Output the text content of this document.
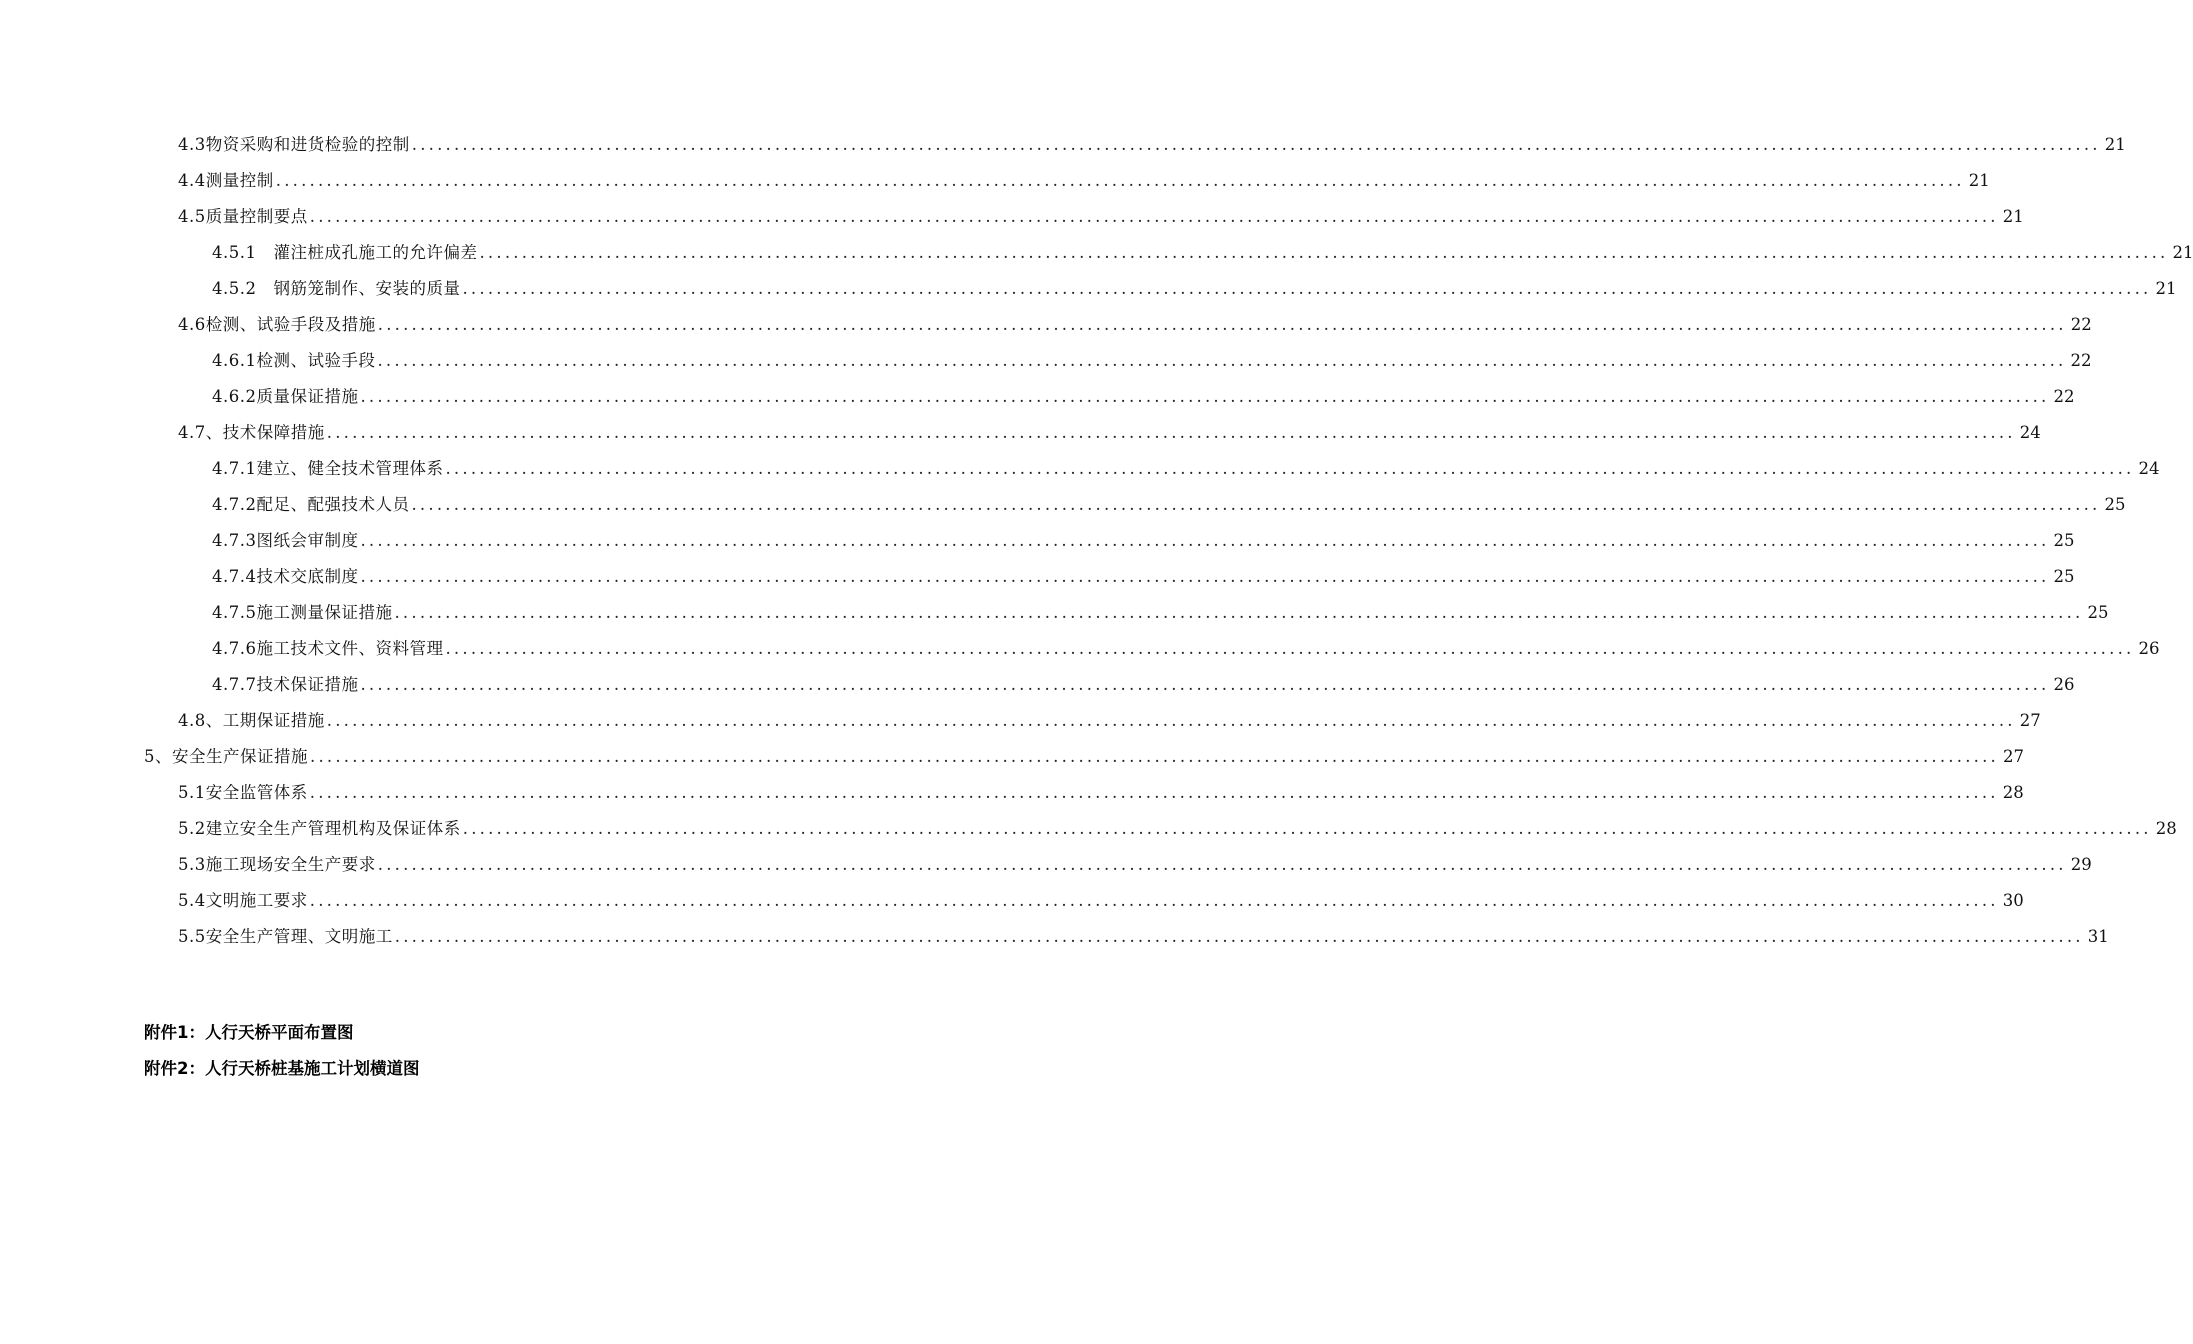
4.3物资采购和进货检验的控制 ........................................................................................................................................................................................................ 21
4.4测量控制 ........................................................................................................................................................................................................ 21
4.5质量控制要点 ........................................................................................................................................................................................................ 21
4.5.1　灌注桩成孔施工的允许偏差 ........................................................................................................................................................................................................ 21
4.5.2　钢筋笼制作、安装的质量 ........................................................................................................................................................................................................ 21
4.6检测、试验手段及措施 ........................................................................................................................................................................................................ 22
4.6.1检测、试验手段 ........................................................................................................................................................................................................ 22
4.6.2质量保证措施 ........................................................................................................................................................................................................ 22
4.7、技术保障措施 ........................................................................................................................................................................................................ 24
4.7.1建立、健全技术管理体系 ........................................................................................................................................................................................................ 24
4.7.2配足、配强技术人员 ........................................................................................................................................................................................................ 25
4.7.3图纸会审制度 ........................................................................................................................................................................................................ 25
4.7.4技术交底制度 ........................................................................................................................................................................................................ 25
4.7.5施工测量保证措施 ........................................................................................................................................................................................................ 25
4.7.6施工技术文件、资料管理 ........................................................................................................................................................................................................ 26
4.7.7技术保证措施 ........................................................................................................................................................................................................ 26
4.8、工期保证措施 ........................................................................................................................................................................................................ 27
5、安全生产保证措施 ........................................................................................................................................................................................................ 27
5.1安全监管体系 ........................................................................................................................................................................................................ 28
5.2建立安全生产管理机构及保证体系 ........................................................................................................................................................................................................ 28
5.3施工现场安全生产要求 ........................................................................................................................................................................................................ 29
5.4文明施工要求 ........................................................................................................................................................................................................ 30
5.5安全生产管理、文明施工 ........................................................................................................................................................................................................ 31
附件1：人行天桥平面布置图
附件2：人行天桥桩基施工计划横道图
